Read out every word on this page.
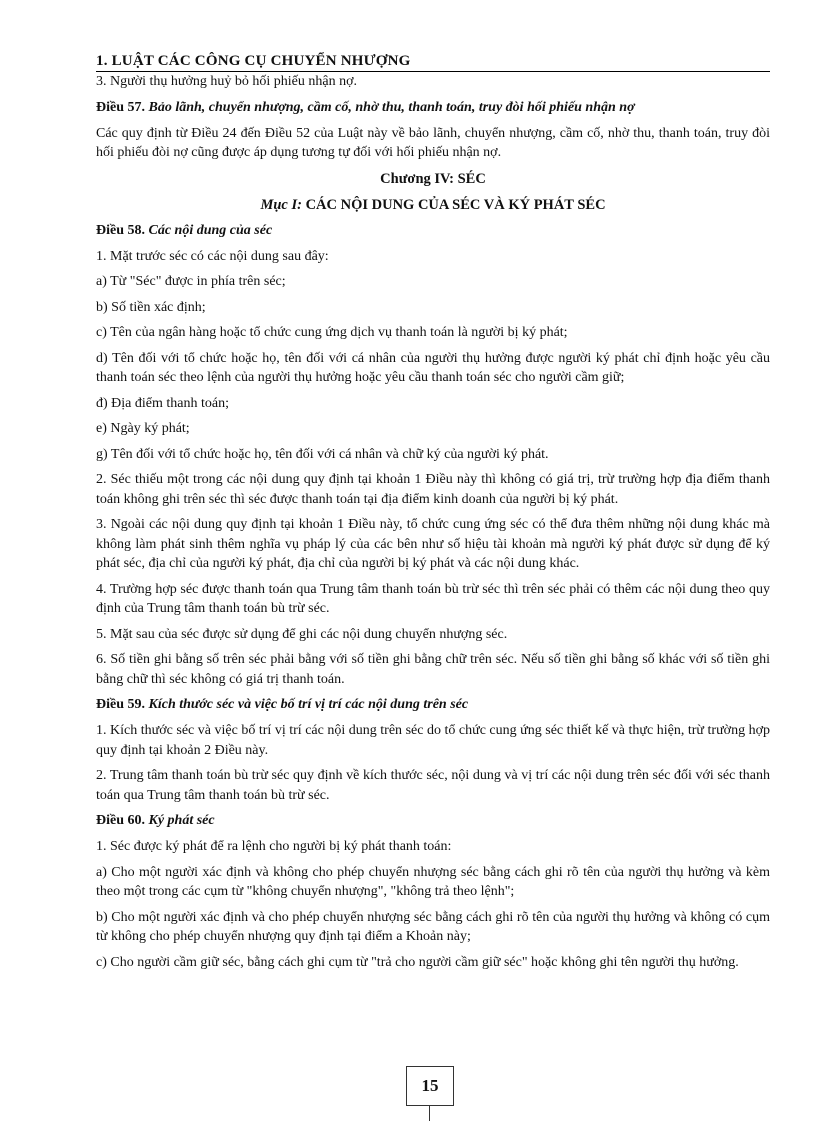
1. LUẬT CÁC CÔNG CỤ CHUYỂN NHƯỢNG
3. Người thụ hưởng huỷ bỏ hối phiếu nhận nợ.
Điều 57. Bảo lãnh, chuyển nhượng, cầm cố, nhờ thu, thanh toán, truy đòi hối phiếu nhận nợ
Các quy định từ Điều 24 đến Điều 52 của Luật này về bảo lãnh, chuyển nhượng, cầm cố, nhờ thu, thanh toán, truy đòi hối phiếu đòi nợ cũng được áp dụng tương tự đối với hối phiếu nhận nợ.
Chương IV: SÉC
Mục I: CÁC NỘI DUNG CỦA SÉC VÀ KÝ PHÁT SÉC
Điều 58. Các nội dung của séc
1. Mặt trước séc có các nội dung sau đây:
a) Từ "Séc" được in phía trên séc;
b) Số tiền xác định;
c) Tên của ngân hàng hoặc tổ chức cung ứng dịch vụ thanh toán là người bị ký phát;
d) Tên đối với tổ chức hoặc họ, tên đối với cá nhân của người thụ hưởng được người ký phát chỉ định hoặc yêu cầu thanh toán séc theo lệnh của người thụ hưởng hoặc yêu cầu thanh toán séc cho người cầm giữ;
đ) Địa điểm thanh toán;
e) Ngày ký phát;
g) Tên đối với tổ chức hoặc họ, tên đối với cá nhân và chữ ký của người ký phát.
2. Séc thiếu một trong các nội dung quy định tại khoản 1 Điều này thì không có giá trị, trừ trường hợp địa điểm thanh toán không ghi trên séc thì séc được thanh toán tại địa điểm kinh doanh của người bị ký phát.
3. Ngoài các nội dung quy định tại khoản 1 Điều này, tổ chức cung ứng séc có thể đưa thêm những nội dung khác mà không làm phát sinh thêm nghĩa vụ pháp lý của các bên như số hiệu tài khoản mà người ký phát được sử dụng để ký phát séc, địa chỉ của người ký phát, địa chỉ của người bị ký phát và các nội dung khác.
4. Trường hợp séc được thanh toán qua Trung tâm thanh toán bù trừ séc thì trên séc phải có thêm các nội dung theo quy định của Trung tâm thanh toán bù trừ séc.
5. Mặt sau của séc được sử dụng để ghi các nội dung chuyển nhượng séc.
6. Số tiền ghi bằng số trên séc phải bằng với số tiền ghi bằng chữ trên séc. Nếu số tiền ghi bằng số khác với số tiền ghi bằng chữ thì séc không có giá trị thanh toán.
Điều 59. Kích thước séc và việc bố trí vị trí các nội dung trên séc
1. Kích thước séc và việc bố trí vị trí các nội dung trên séc do tổ chức cung ứng séc thiết kế và thực hiện, trừ trường hợp quy định tại khoản 2 Điều này.
2. Trung tâm thanh toán bù trừ séc quy định về kích thước séc, nội dung và vị trí các nội dung trên séc đối với séc thanh toán qua Trung tâm thanh toán bù trừ séc.
Điều 60. Ký phát séc
1. Séc được ký phát để ra lệnh cho người bị ký phát thanh toán:
a) Cho một người xác định và không cho phép chuyển nhượng séc bằng cách ghi rõ tên của người thụ hưởng và kèm theo một trong các cụm từ "không chuyển nhượng", "không trả theo lệnh";
b) Cho một người xác định và cho phép chuyển nhượng séc bằng cách ghi rõ tên của người thụ hưởng và không có cụm từ không cho phép chuyển nhượng quy định tại điểm a Khoản này;
c) Cho người cầm giữ séc, bằng cách ghi cụm từ "trả cho người cầm giữ séc" hoặc không ghi tên người thụ hưởng.
15
